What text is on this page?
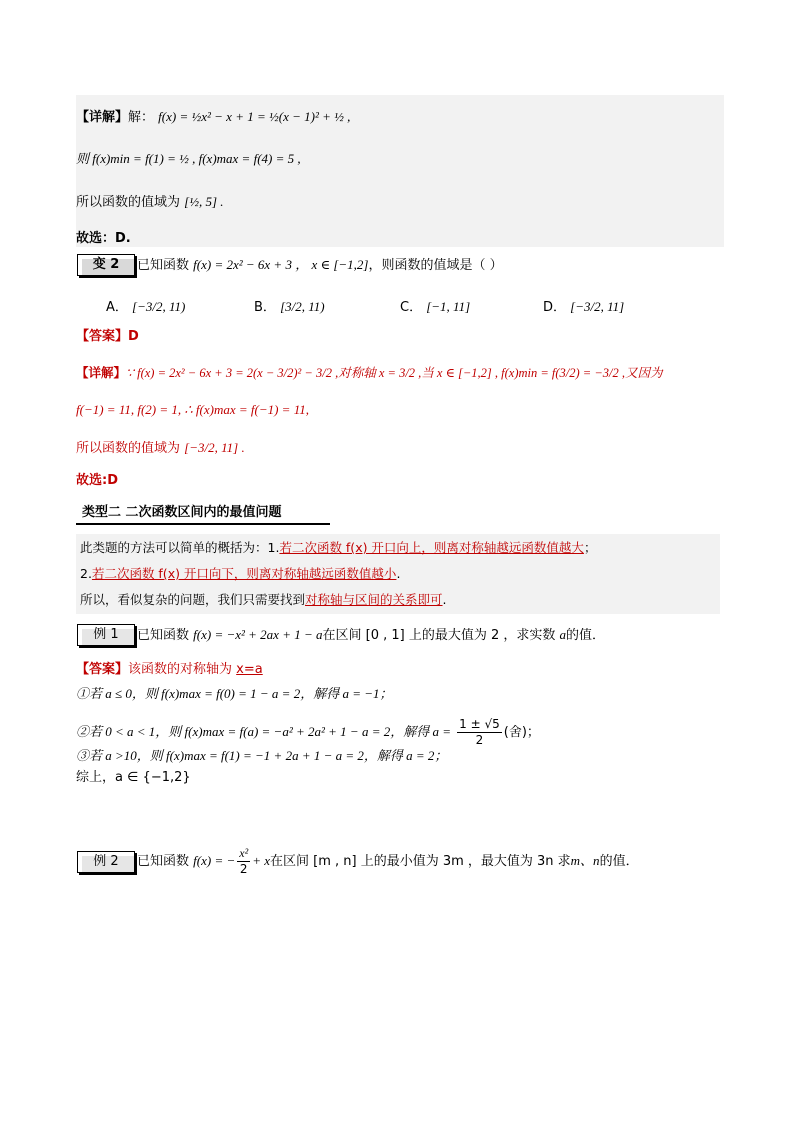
【详解】解： f(x) = ½x² − x + 1 = ½(x − 1)² + ½ ,
则 f(x)min = f(1) = ½ , f(x)max = f(4) = 5 ,
所以函数的值域为 [½, 5] .
故选：D.
变 2	已知函数 f(x) = 2x² − 6x + 3 ， x ∈ [−1,2]，则函数的值域是（ ）
A． [−3/2, 11)	B． [3/2, 11)	C． [−1, 11]	D． [−3/2, 11]
【答案】D
【详解】∵ f(x) = 2x² − 6x + 3 = 2(x − 3/2)² − 3/2 ,对称轴 x = 3/2 ,当 x ∈ [−1,2] , f(x)min = f(3/2) = −3/2 ,又因为
f(−1) = 11, f(2) = 1, ∴ f(x)max = f(−1) = 11,
所以函数的值域为 [−3/2, 11] .
故选:D
类型二 二次函数区间内的最值问题
此类题的方法可以简单的概括为：1.若二次函数 f(x) 开口向上，则离对称轴越远函数值越大；
2.若二次函数 f(x) 开口向下，则离对称轴越远函数值越小.
所以，看似复杂的问题，我们只需要找到对称轴与区间的关系即可.
例 1	已知函数 f(x) = −x² + 2ax + 1 − a在区间 [0 , 1] 上的最大值为 2 ，求实数 a的值．
【答案】该函数的对称轴为 x=a
①若 a ≤ 0，则 f(x)max = f(0) = 1 − a = 2，解得 a = −1；
②若 0 < a < 1，则 f(x)max = f(a) = −a² + 2a² + 1 − a = 2，解得 $a = \frac{1 \pm √5}{2}$ (舍)；
③若 a >10，则 f(x)max = f(1) = −1 + 2a + 1 − a = 2，解得 a = 2；
综上，a ∈ {−1,2}
例 2	已知函数 f(x) = − $\frac{\text{x²}}{2} + x$在区间 [m , n] 上的最小值为 3m ，最大值为 3n 求m、n的值．
